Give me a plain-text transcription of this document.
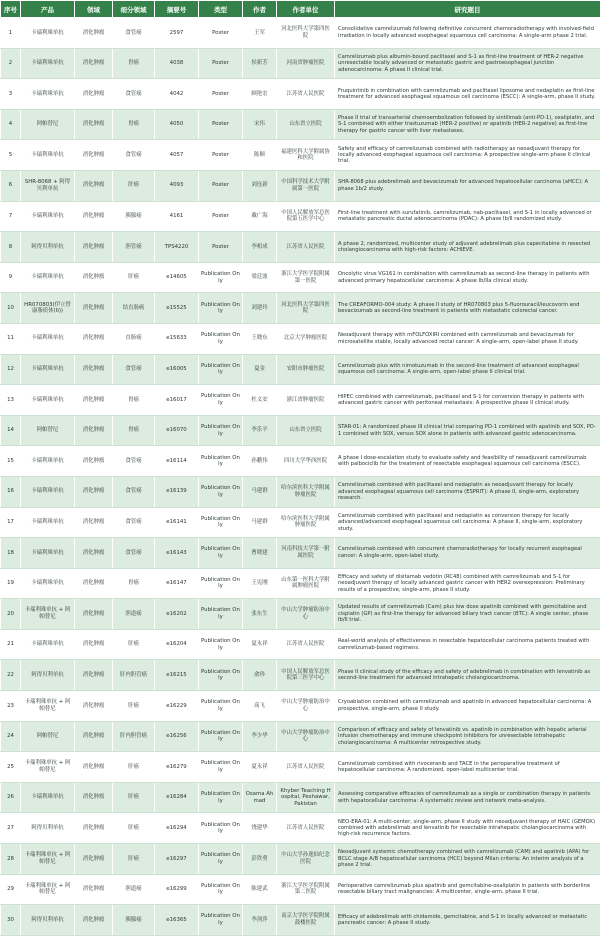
序号	产品	领域	细分领域	摘要号	类型	作者	作者单位	研究题目
1	卡瑞利珠单抗	消化肿瘤	食管癌	2597	Poster	王军	河北医科大学第四医院	Consolidative camrelizumab following definitive concurrent chemoradiotherapy with involved-field irradiation in locally advanced esophageal squamous cell carcinoma: A single-arm phase 2 trial.
2	卡瑞利珠单抗	消化肿瘤	胃癌	4038	Poster	侯新芳	河南省肿瘤医院	Camrelizumab plus albumin-bound paclitaxel and S-1 as first-line treatment of HER-2 negative unresectable locally advanced or metastatic gastric and gastroesophageal junction adenocarcinoma: A phase II clinical trial.
3	卡瑞利珠单抗	消化肿瘤	食管癌	4042	Poster	顾艳宏	江苏省人民医院	Fruquintinib in combination with camrelizumab and paclitaxel liposome and nedaplatin as first-line treatment for advanced esophageal squamous cell carcinoma (ESCC): A single-arm, phase II study.
4	阿帕替尼	消化肿瘤	胃癌	4050	Poster	宋伟	山东省立医院	Phase II trial of transarterial chemoembolization followed by sintilimab (anti-PD-1), oxaliplatin, and S-1 combined with either trastuzumab (HER-2 positive) or apatinib (HER-2 negative) as first-line therapy for gastric cancer with liver metastases.
5	卡瑞利珠单抗	消化肿瘤	食管癌	4057	Poster	陈顺	福建医科大学附属协和医院	Safety and efficacy of camrelizumab combined with radiotherapy as neoadjuvant therapy for locally advanced esophageal squamous cell carcinoma: A prospective single-arm phase II clinical trial.
6	SHR-8068 + 阿得贝利单抗	消化肿瘤	肝癌	4093	Poster	刘连新	中国科学技术大学附属第一医院	SHR-8068 plus adebrelimab and bevacizumab for advanced hepatocellular carcinoma (aHCC): A phase 1b/2 study.
7	卡瑞利珠单抗	消化肿瘤	胰腺癌	4161	Poster	戴广海	中国人民解放军总医院第五医学中心	First-line treatment with surufatinib, camrelizumab, nab-paclitaxel, and S-1 in locally advanced or metastatic pancreatic ductal adenocarcinoma (PDAC): A phase Ib/II randomized study.
8	阿得贝利单抗	消化肿瘤	胆管癌	TPS4220	Poster	李相成	江苏省人民医院	A phase 2, randomized, multicenter study of adjuvant adebrelimab plus capecitabine in resected cholangiocarcinoma with high-risk factors: ACHIEVE.
9	卡瑞利珠单抗	消化肿瘤	肝癌	e14605	Publication Only	梁廷波	浙江大学医学院附属第一医院	Oncolytic virus VG161 in combination with camrelizumab as second-line therapy in patients with advanced primary hepatocellular carcinoma: A phase Ib/IIa clinical study.
10	HR070803(伊立替康脂质体(II))	消化肿瘤	结直肠癌	e15525	Publication Only	刘建玲	河北医科大学第四医院	The CREAFORMO-004 study: A phase II study of HR070803 plus 5-fluorouracil/leucovorin and bevacizumab as second-line treatment in patients with metastatic colorectal cancer.
11	卡瑞利珠单抗	消化肿瘤	直肠癌	e15633	Publication Only	王晓东	北京大学肿瘤医院	Neoadjuvant therapy with mFOLFOXIRI combined with camrelizumab and bevacizumab for microsatellite stable, locally advanced rectal cancer: A single-arm, open-label phase II study.
12	卡瑞利珠单抗	消化肿瘤	食管癌	e16005	Publication Only	夏金	安阳市肿瘤医院	Camrelizumab plus with nimotuzumab in the second-line treatment of advanced esophageal squamous cell carcinoma: A single-arm, open-label phase II clinical trial.
13	卡瑞利珠单抗	消化肿瘤	胃癌	e16017	Publication Only	杜义安	浙江省肿瘤医院	HIPEC combined with camrelizumab, paclitaxel and S-1 for conversion therapy in patients with advanced gastric cancer with peritoneal metastasis: A prospective phase II clinical study.
14	阿帕替尼	消化肿瘤	胃癌	e16070	Publication Only	李乐平	山东省立医院	STAR-01: A randomized phase III clinical trial comparing PD-1 combined with apatinib and SOX, PD-1 combined with SOX, versus SOX alone in patients with advanced gastric adenocarcinoma.
15	卡瑞利珠单抗	消化肿瘤	食管癌	e16114	Publication Only	孙鹏伟	四川大学华西医院	A phase I dose-escalation study to evaluate safety and feasibility of neoadjuvant camrelizumab with palbociclib for the treatment of resectable esophageal squamous cell carcinoma (ESCC).
16	卡瑞利珠单抗	消化肿瘤	食管癌	e16139	Publication Only	马建群	哈尔滨医科大学附属肿瘤医院	Camrelizumab combined with paclitaxel and nedaplatin as neoadjuvant therapy for locally advanced esophageal squamous cell carcinoma (ESPRIT): A phase II, single-arm, exploratory research.
17	卡瑞利珠单抗	消化肿瘤	食管癌	e16141	Publication Only	马建群	哈尔滨医科大学附属肿瘤医院	Camrelizumab combined with paclitaxel and nedaplatin as conversion therapy for locally advanced/advanced esophageal squamous cell carcinoma: A phase II, single-arm, exploratory study.
18	卡瑞利珠单抗	消化肿瘤	食管癌	e16143	Publication Only	曹晓建	河南科技大学第一附属医院	Camrelizumab combined with concurrent chemoradiotherapy for locally recurrent esophageal cancer: A single-arm, open-label study.
19	卡瑞利珠单抗	消化肿瘤	胃癌	e16147	Publication Only	王宪刚	山东第一医科大学附属肿瘤医院	Efficacy and safety of disitamab vedotin (RC48) combined with camrelizumab and S-1 for neoadjuvant therapy of locally advanced gastric cancer with HER2 overexpression: Preliminary results of a prospective, single-arm, phase II study.
20	卡瑞利珠单抗 + 阿帕替尼	消化肿瘤	胆道癌	e16202	Publication Only	张东生	中山大学肿瘤防治中心	Updated results of camrelizumab (Cam) plus low dose apatinib combined with gemcitabine and cisplatin (GP) as first-line therapy for advanced biliary tract cancer (BTC): A single center, phase Ib/II trial.
21	卡瑞利珠单抗	消化肿瘤	肝癌	e16204	Publication Only	夏永祥	江苏省人民医院	Real-world analysis of effectiveness in resectable hepatocellular carcinoma patients treated with camrelizumab-based regimens.
22	阿得贝利单抗	消化肿瘤	肝内胆管癌	e16215	Publication Only	俞珍	中国人民解放军总医院第三医学中心	Phase II clinical study of the efficacy and safety of adebrelimab in combination with lenvatinib as second-line treatment for advanced intrahepatic cholangiocarcinoma.
23	卡瑞利珠单抗 + 阿帕替尼	消化肿瘤	肝癌	e16229	Publication Only	高飞	中山大学肿瘤防治中心	Cryoablation combined with camrelizumab and apatinib in advanced hepatocellular carcinoma: A prospective, single-arm, phase II study.
24	阿帕替尼	消化肿瘤	肝内胆管癌	e16256	Publication Only	李少华	中山大学肿瘤防治中心	Comparison of efficacy and safety of lenvatinib vs. apatinib in combination with hepatic arterial infusion chemotherapy and immune checkpoint inhibitors for unresectable intrahepatic cholangiocarcinoma: A multicenter retrospective study.
25	卡瑞利珠单抗 + 阿帕替尼	消化肿瘤	肝癌	e16279	Publication Only	夏永祥	江苏省人民医院	Camrelizumab combined with rivoceranib and TACE in the perioperative treatment of hepatocellular carcinoma: A randomized, open-label multicenter trial.
26	卡瑞利珠单抗	消化肿瘤	肝癌	e16284	Publication Only	Osama Ahmad	Khyber Teaching Hospital, Peshawar, Pakistan	Assessing comparative efficacies of camrelizumab as a single or combination therapy in patients with hepatocellular carcinoma: A systematic review and network meta-analysis.
27	阿得贝利单抗	消化肿瘤	肝癌	e16294	Publication Only	饶建华	江苏省人民医院	NEO-ERA-01: A multi-center, single-arm, phase II study with neoadjuvant therapy of HAIC (GEMOX) combined with adebrelimab and lenvatinib for resectable intrahepatic cholangiocarcinoma with high-risk recurrence factors.
28	卡瑞利珠单抗 + 阿帕替尼	消化肿瘤	肝癌	e16297	Publication Only	彭铁勇	中山大学孙逸仙纪念医院	Neoadjuvant systemic chemotherapy combined with camrelizumab (CAM) and apatinib (APA) for BCLC stage A/B hepatocellular carcinoma (HCC) beyond Milan criteria: An interim analysis of a phase 2 trial.
29	卡瑞利珠单抗 + 阿帕替尼	消化肿瘤	胆道癌	e16299	Publication Only	陈建武	浙江大学医学院附属第二医院	Perioperative camrelizumab plus apatinib and gemcitabine-oxaliplatin in patients with borderline resectable biliary tract malignancies: A multicenter, single-arm, phase II trial.
30	阿得贝利单抗	消化肿瘤	胰腺癌	e16365	Publication Only	李剑萍	南京大学医学院附属鼓楼医院	Efficacy of adebrelimab with chidamide, gemcitabine, and S-1 in locally advanced or metastatic pancreatic cancer: A phase II study.
